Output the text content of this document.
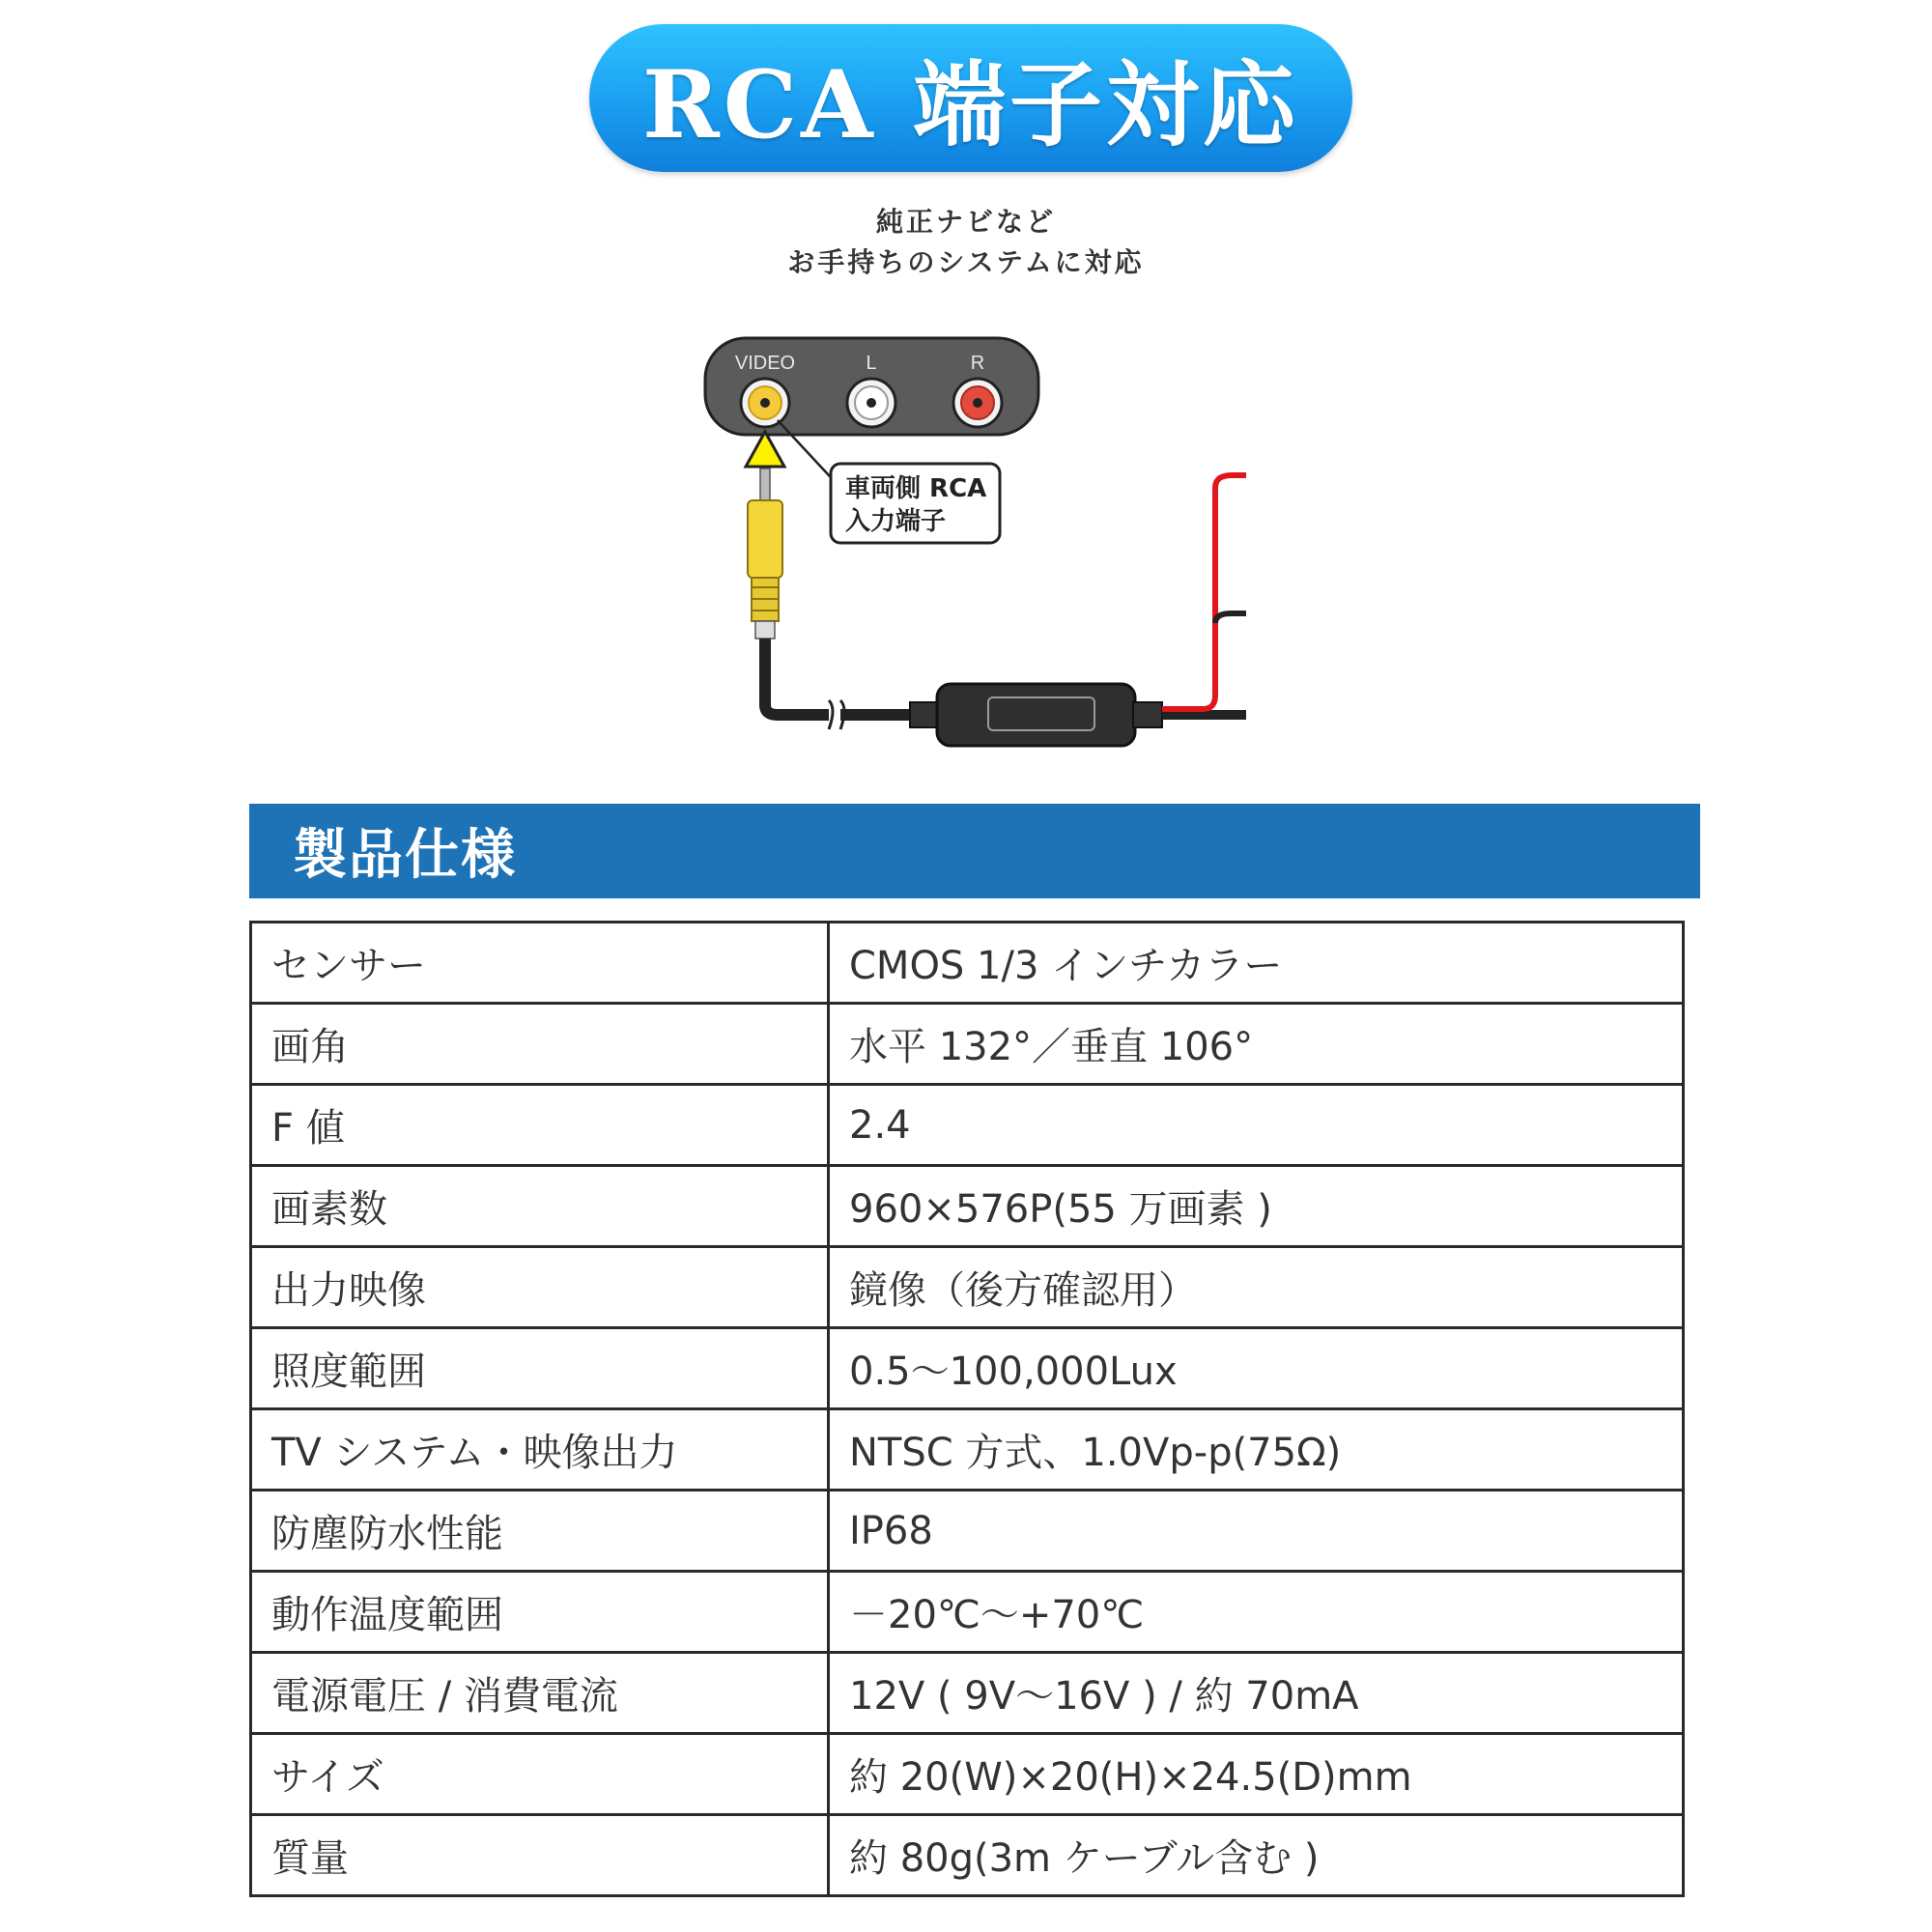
RCA 端子対応
純正ナビなど
お手持ちのシステムに対応
VIDEO	L	R
車両側 RCA
入力端子
製品仕様
センサー	CMOS 1/3 インチカラー
画角	水平 132°／垂直 106°
F 値	2.4
画素数	960×576P(55 万画素 )
出力映像	鏡像（後方確認用）
照度範囲	0.5～100,000Lux
TV システム・映像出力	NTSC 方式、1.0Vp-p(75Ω)
防塵防水性能	IP68
動作温度範囲	－20℃～+70℃
電源電圧 / 消費電流	12V ( 9V～16V ) / 約 70mA
サイズ	約 20(W)×20(H)×24.5(D)mm
質量	約 80g(3m ケーブル含む )
